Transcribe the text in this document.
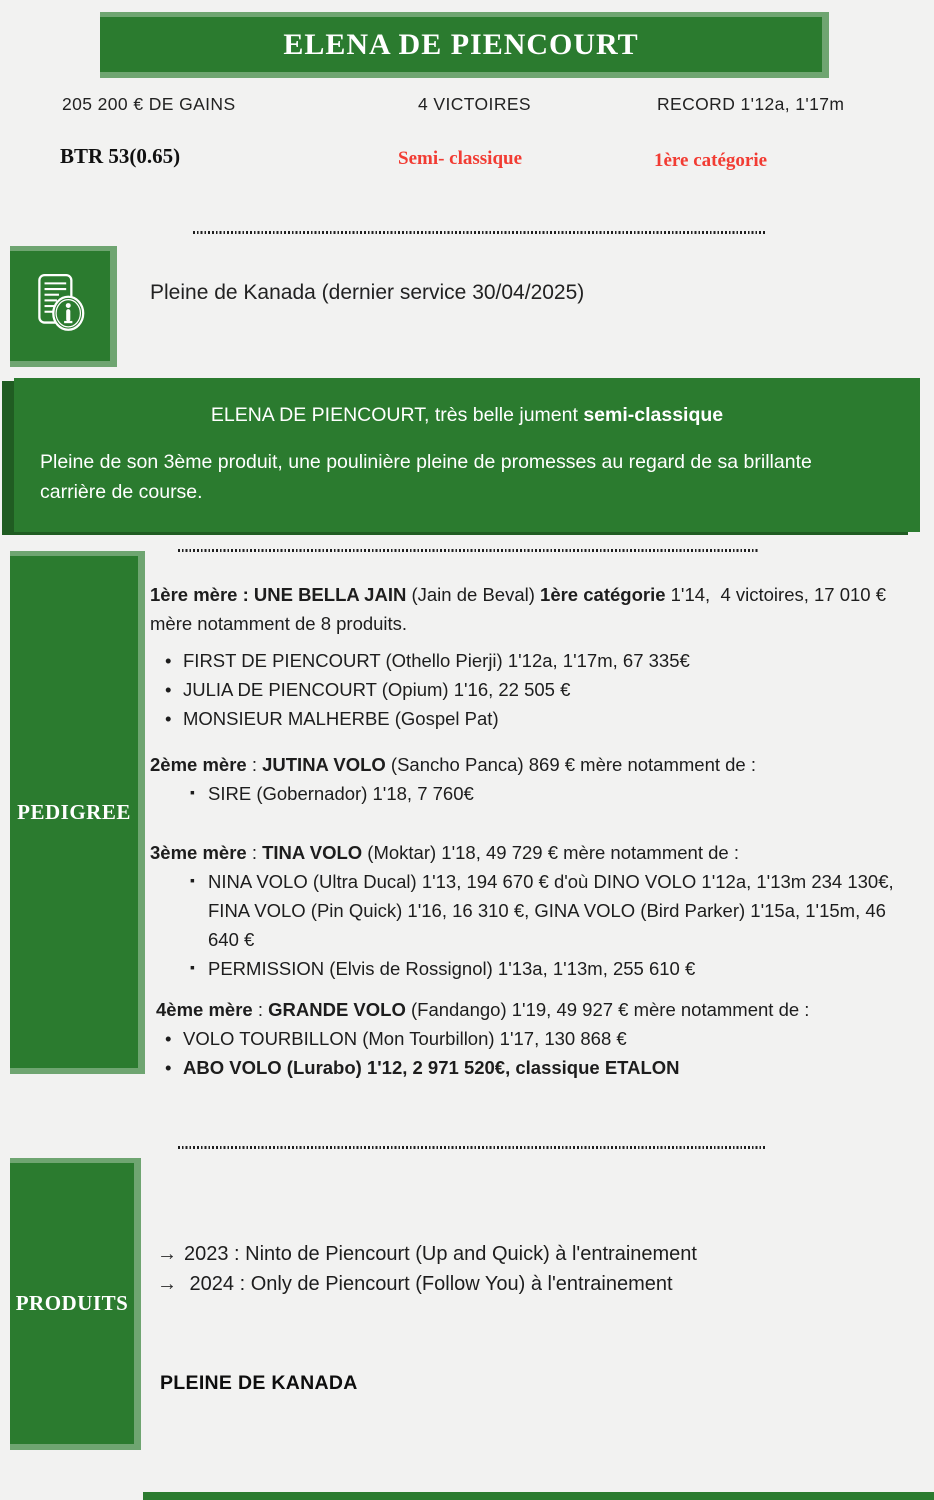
ELENA DE PIENCOURT
205 200 € DE GAINS	4 VICTOIRES	RECORD 1'12a, 1'17m
BTR 53(0.65)	Semi- classique	1ère catégorie
Pleine de Kanada (dernier service 30/04/2025)
ELENA DE PIENCOURT, très belle jument semi-classique

Pleine de son 3ème produit, une poulinière pleine de promesses au regard de sa brillante carrière de course.

PEDIGREE

1ère mère : UNE BELLA JAIN (Jain de Beval) 1ère catégorie 1'14,  4 victoires, 17 010 € mère notamment de 8 produits.

• FIRST DE PIENCOURT (Othello Pierji) 1'12a, 1'17m, 67 335€
• JULIA DE PIENCOURT (Opium) 1'16, 22 505 €
• MONSIEUR MALHERBE (Gospel Pat)

2ème mère : JUTINA VOLO (Sancho Panca) 869 € mère notamment de :

▪ SIRE (Gobernador) 1'18, 7 760€

3ème mère : TINA VOLO (Moktar) 1'18, 49 729 € mère notamment de :

▪ NINA VOLO (Ultra Ducal) 1'13, 194 670 € d'où DINO VOLO 1'12a, 1'13m 234 130€, FINA VOLO (Pin Quick) 1'16, 16 310 €, GINA VOLO (Bird Parker) 1'15a, 1'15m, 46 640 €
▪ PERMISSION (Elvis de Rossignol) 1'13a, 1'13m, 255 610 €

4ème mère : GRANDE VOLO (Fandango) 1'19, 49 927 € mère notamment de :

• VOLO TOURBILLON (Mon Tourbillon) 1'17, 130 868 €
• ABO VOLO (Lurabo) 1'12, 2 971 520€, classique ETALON
PRODUITS
→ 2023 : Ninto de Piencourt (Up and Quick) à l'entrainement
→ 2024 : Only de Piencourt (Follow You) à l'entrainement
PLEINE DE KANADA
